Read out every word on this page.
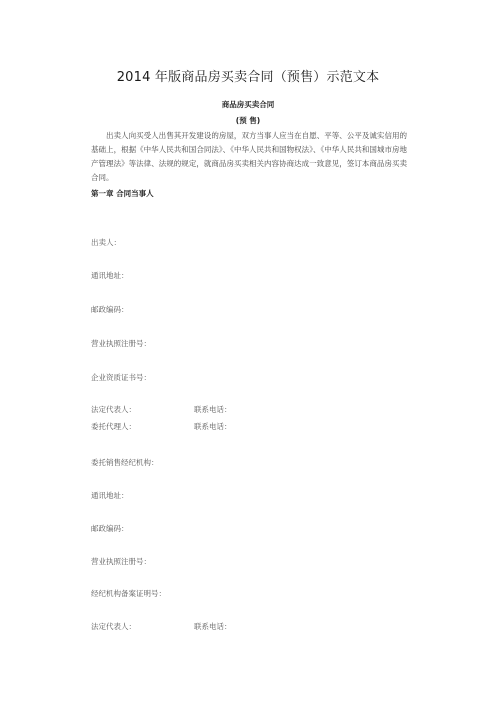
2014 年版商品房买卖合同（预售）示范文本
商品房买卖合同
(预 售)
出卖人向买受人出售其开发建设的房屋，双方当事人应当在自愿、平等、公平及诚实信用的基础上，根据《中华人民共和国合同法》、《中华人民共和国物权法》、《中华人民共和国城市房地产管理法》等法律、法规的规定，就商品房买卖相关内容协商达成一致意见，签订本商品房买卖合同。
第一章 合同当事人
出卖人：
通讯地址：
邮政编码：
营业执照注册号：
企业资质证书号：
法定代表人：	联系电话：
委托代理人：	联系电话：
委托销售经纪机构：
通讯地址：
邮政编码：
营业执照注册号：
经纪机构备案证明号：
法定代表人：	联系电话：
